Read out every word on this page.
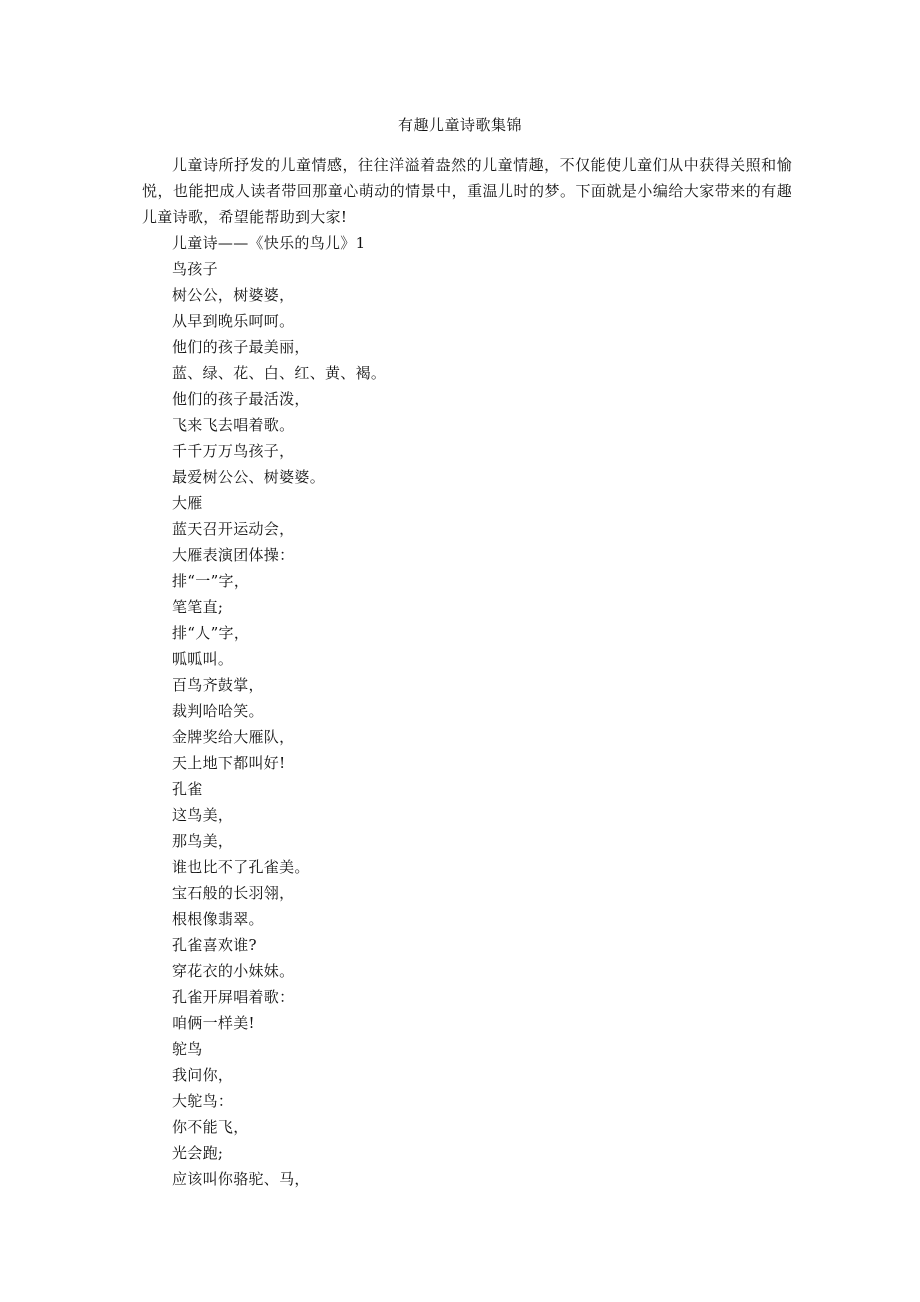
有趣儿童诗歌集锦

儿童诗所抒发的儿童情感，往往洋溢着盎然的儿童情趣，不仅能使儿童们从中获得关照和愉悦，也能把成人读者带回那童心萌动的情景中，重温儿时的梦。下面就是小编给大家带来的有趣儿童诗歌，希望能帮助到大家!

儿童诗——《快乐的鸟儿》1
鸟孩子
树公公，树婆婆，
从早到晚乐呵呵。
他们的孩子最美丽，
蓝、绿、花、白、红、黄、褐。
他们的孩子最活泼，
飞来飞去唱着歌。
千千万万鸟孩子，
最爱树公公、树婆婆。
大雁
蓝天召开运动会，
大雁表演团体操：
排“一”字，
笔笔直;
排“人”字，
呱呱叫。
百鸟齐鼓掌，
裁判哈哈笑。
金牌奖给大雁队，
天上地下都叫好!
孔雀
这鸟美，
那鸟美，
谁也比不了孔雀美。
宝石般的长羽翎，
根根像翡翠。
孔雀喜欢谁?
穿花衣的小妹妹。
孔雀开屏唱着歌：
咱俩一样美!
鸵鸟
我问你，
大鸵鸟：
你不能飞，
光会跑;
应该叫你骆驼、马，
